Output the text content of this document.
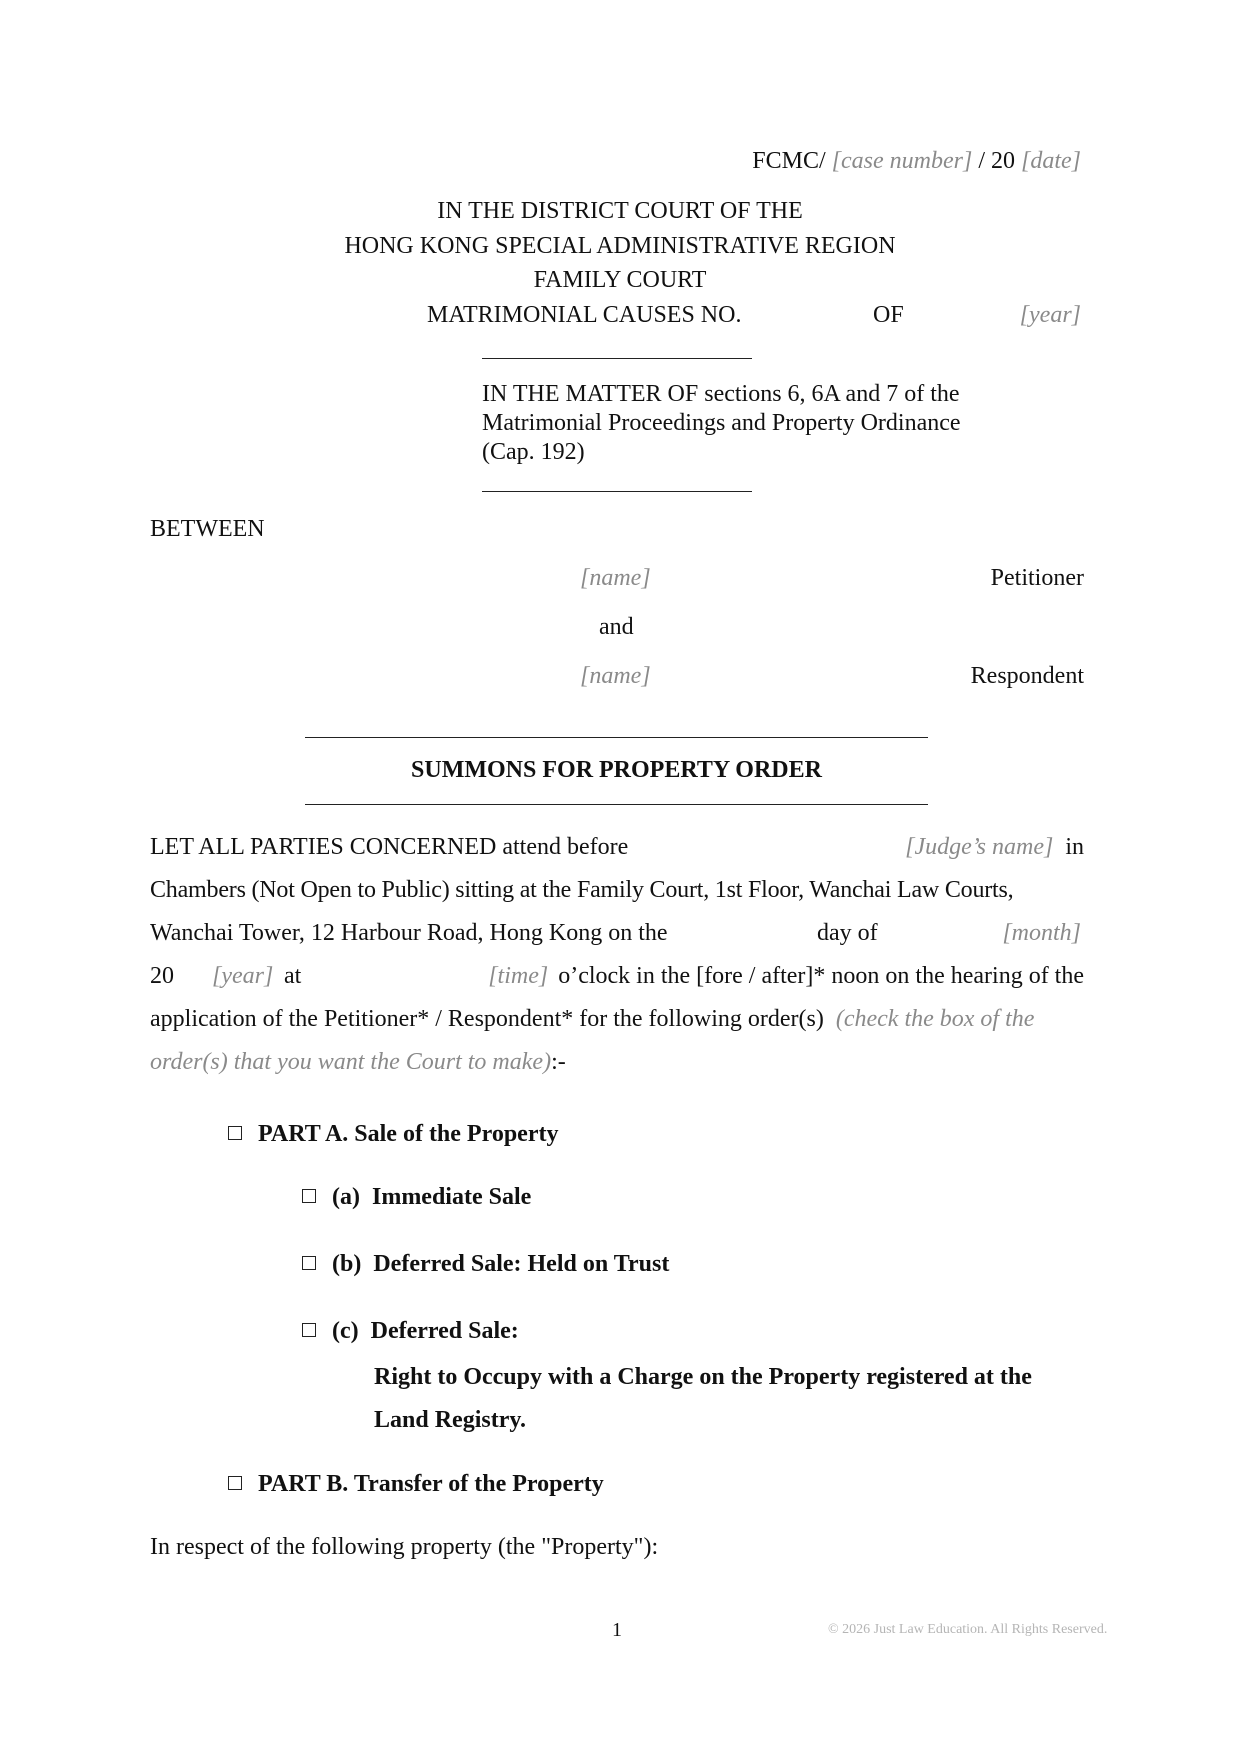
FCMC/ [case number] / 20 [date]
IN THE DISTRICT COURT OF THE
HONG KONG SPECIAL ADMINISTRATIVE REGION
FAMILY COURT
MATRIMONIAL CAUSES NO.	OF	[year]
IN THE MATTER OF sections 6, 6A and 7 of the
Matrimonial Proceedings and Property Ordinance
(Cap. 192)
BETWEEN
[name]	Petitioner
and
[name]	Respondent
SUMMONS FOR PROPERTY ORDER
LET ALL PARTIES CONCERNED attend before	[Judge’s name] in
Chambers (Not Open to Public) sitting at the Family Court, 1st Floor, Wanchai Law Courts,
Wanchai Tower, 12 Harbour Road, Hong Kong on the	day of	[month]
20 [year] at	[time] o’clock in the [fore / after]* noon on the hearing of the
application of the Petitioner* / Respondent* for the following order(s) (check the box of the
order(s) that you want the Court to make):-
PART A. Sale of the Property
(a) Immediate Sale
(b) Deferred Sale: Held on Trust
(c) Deferred Sale:
Right to Occupy with a Charge on the Property registered at the
Land Registry.
PART B. Transfer of the Property
In respect of the following property (the "Property"):
1	© 2026 Just Law Education. All Rights Reserved.
